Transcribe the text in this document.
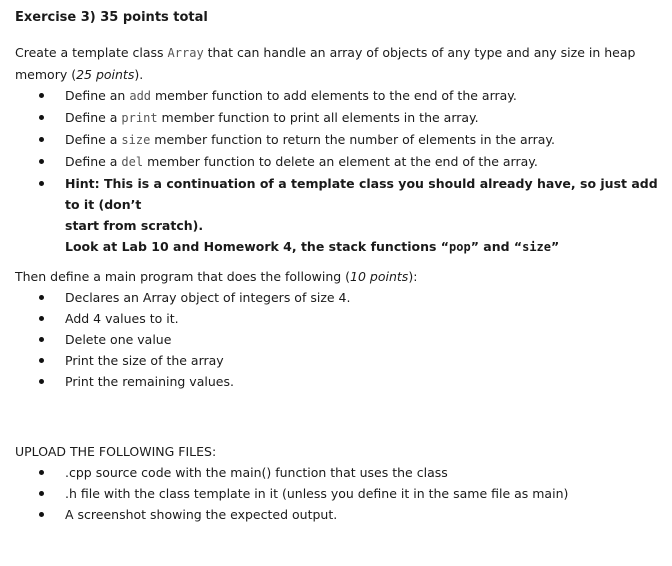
Exercise 3) 35 points total

Create a template class Array that can handle an array of objects of any type and any size in heap memory (25 points).

Define an add member function to add elements to the end of the array.
Define a print member function to print all elements in the array.
Define a size member function to return the number of elements in the array.
Define a del member function to delete an element at the end of the array.
Hint: This is a continuation of a template class you should already have, so just add to it (don’t
start from scratch).
Look at Lab 10 and Homework 4, the stack functions “pop” and “size”

Then define a main program that does the following (10 points):

Declares an Array object of integers of size 4.
Add 4 values to it.
Delete one value
Print the size of the array
Print the remaining values.

UPLOAD THE FOLLOWING FILES:

.cpp source code with the main() function that uses the class
.h file with the class template in it (unless you define it in the same file as main)
A screenshot showing the expected output.
